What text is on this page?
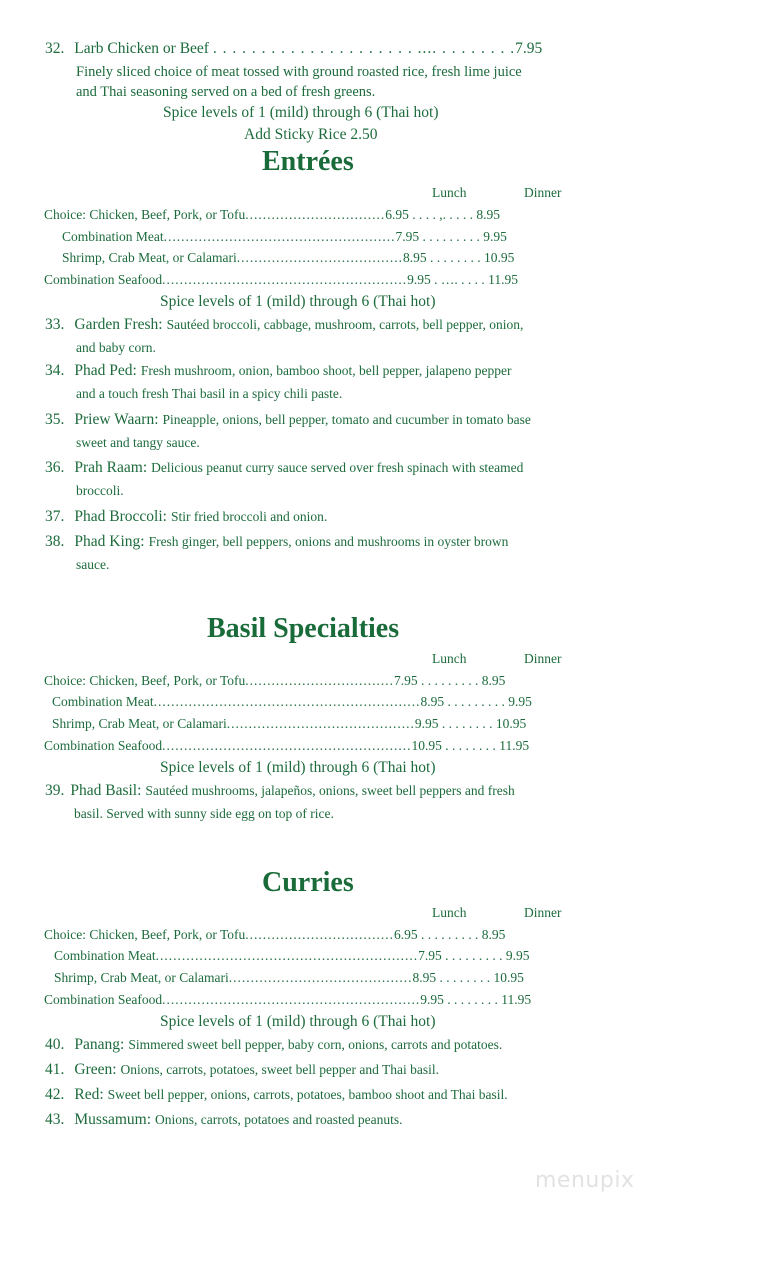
32. Larb Chicken or Beef . . . . . . . . . . . . . . . . . . . . . .... . . . . . . . .7.95
Finely sliced choice of meat tossed with ground roasted rice, fresh lime juice
and Thai seasoning served on a bed of fresh greens.
Spice levels of 1 (mild) through 6 (Thai hot)
Add Sticky Rice 2.50
Entrées
Lunch	Dinner
Choice: Chicken, Beef, Pork, or Tofu................................6.95 . . . . ,. . . . . 8.95
Combination Meat.....................................................7.95 . . . . . . . . . 9.95
Shrimp, Crab Meat, or Calamari......................................8.95 . . . . . . . . 10.95
Combination Seafood........................................................9.95 . …. . . . . 11.95
Spice levels of 1 (mild) through 6 (Thai hot)
33. Garden Fresh: Sautéed broccoli, cabbage, mushroom, carrots, bell pepper, onion,
and baby corn.
34. Phad Ped: Fresh mushroom, onion, bamboo shoot, bell pepper, jalapeno pepper
and a touch fresh Thai basil in a spicy chili paste.
35. Priew Waarn: Pineapple, onions, bell pepper, tomato and cucumber in tomato base
sweet and tangy sauce.
36. Prah Raam: Delicious peanut curry sauce served over fresh spinach with steamed
broccoli.
37. Phad Broccoli: Stir fried broccoli and onion.
38. Phad King: Fresh ginger, bell peppers, onions and mushrooms in oyster brown
sauce.
Basil Specialties
Lunch	Dinner
Choice: Chicken, Beef, Pork, or Tofu..................................7.95 . . . . . . . . . 8.95
Combination Meat.............................................................8.95 . . . . . . . . . 9.95
Shrimp, Crab Meat, or Calamari...........................................9.95 . . . . . . . . 10.95
Combination Seafood.........................................................10.95 . . . . . . . . 11.95
Spice levels of 1 (mild) through 6 (Thai hot)
39. Phad Basil: Sautéed mushrooms, jalapeños, onions, sweet bell peppers and fresh
basil. Served with sunny side egg on top of rice.
Curries
Lunch	Dinner
Choice: Chicken, Beef, Pork, or Tofu..................................6.95 . . . . . . . . . 8.95
Combination Meat............................................................7.95 . . . . . . . . . 9.95
Shrimp, Crab Meat, or Calamari..........................................8.95 . . . . . . . . 10.95
Combination Seafood...........................................................9.95 . . . . . . . . 11.95
Spice levels of 1 (mild) through 6 (Thai hot)
40. Panang: Simmered sweet bell pepper, baby corn, onions, carrots and potatoes.
41. Green: Onions, carrots, potatoes, sweet bell pepper and Thai basil.
42. Red: Sweet bell pepper, onions, carrots, potatoes, bamboo shoot and Thai basil.
43. Mussamum: Onions, carrots, potatoes and roasted peanuts.
menupix
